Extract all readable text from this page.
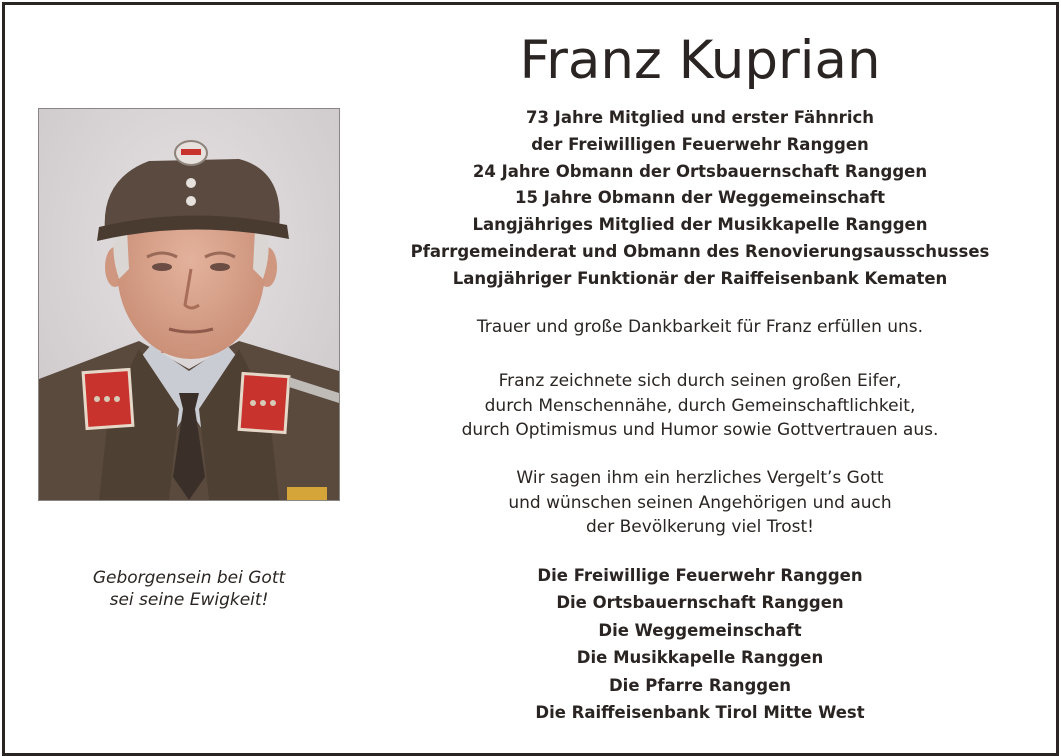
Geborgensein bei Gott
sei seine Ewigkeit!
Franz Kuprian
73 Jahre Mitglied und erster Fähnrich
der Freiwilligen Feuerwehr Ranggen
24 Jahre Obmann der Ortsbauernschaft Ranggen
15 Jahre Obmann der Weggemeinschaft
Langjähriges Mitglied der Musikkapelle Ranggen
Pfarrgemeinderat und Obmann des Renovierungsausschusses
Langjähriger Funktionär der Raiffeisenbank Kematen
Trauer und große Dankbarkeit für Franz erfüllen uns.
Franz zeichnete sich durch seinen großen Eifer,
durch Menschennähe, durch Gemeinschaftlichkeit,
durch Optimismus und Humor sowie Gottvertrauen aus.
Wir sagen ihm ein herzliches Vergelt’s Gott
und wünschen seinen Angehörigen und auch
der Bevölkerung viel Trost!
Die Freiwillige Feuerwehr Ranggen
Die Ortsbauernschaft Ranggen
Die Weggemeinschaft
Die Musikkapelle Ranggen
Die Pfarre Ranggen
Die Raiffeisenbank Tirol Mitte West
